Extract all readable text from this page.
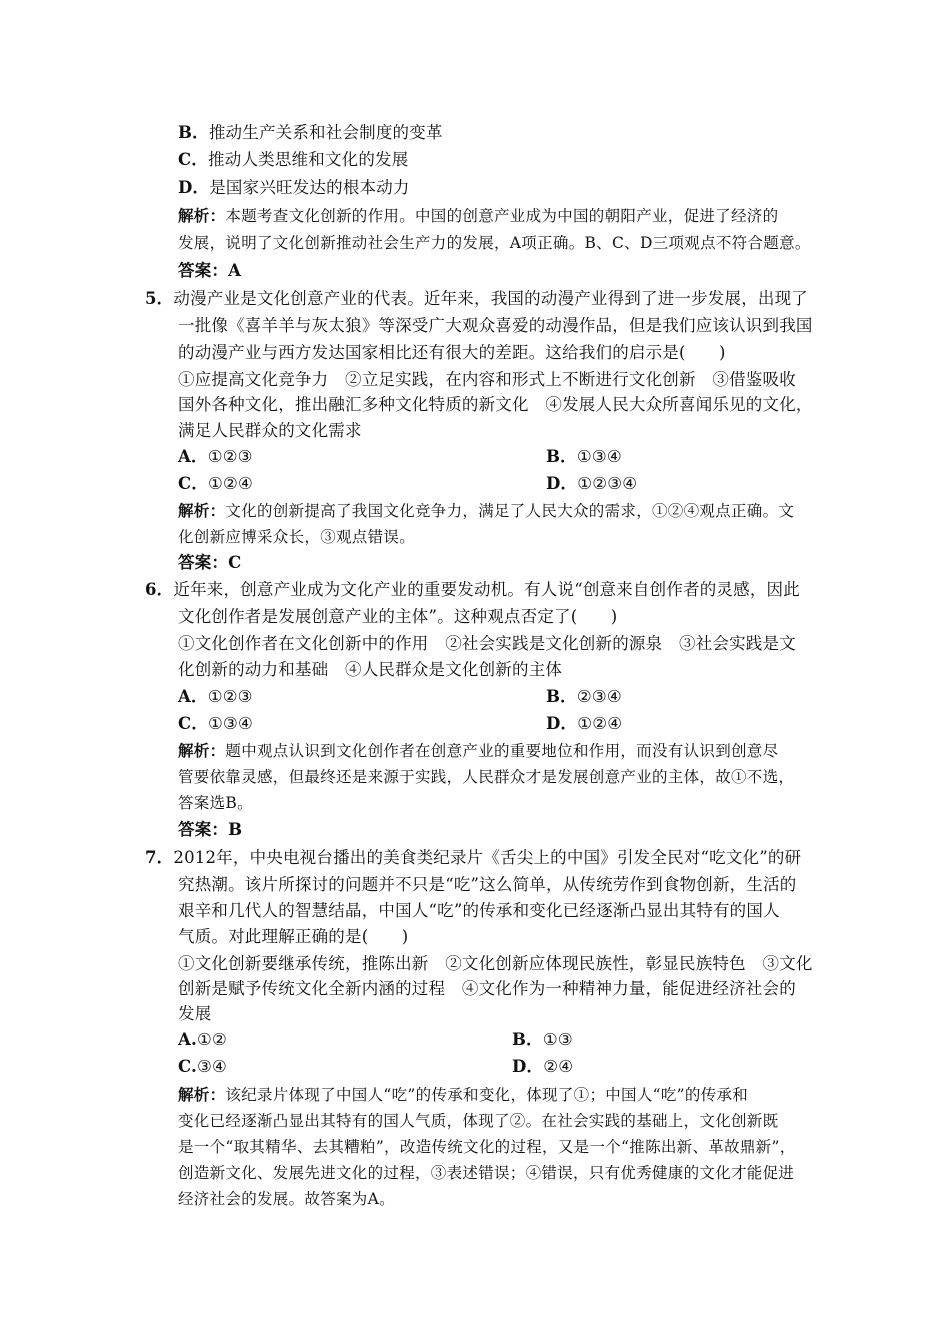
B．推动生产关系和社会制度的变革
C．推动人类思维和文化的发展
D．是国家兴旺发达的根本动力
解析：本题考查文化创新的作用。中国的创意产业成为中国的朝阳产业，促进了经济的
发展，说明了文化创新推动社会生产力的发展，A项正确。B、C、D三项观点不符合题意。
答案：A
5．动漫产业是文化创意产业的代表。近年来，我国的动漫产业得到了进一步发展，出现了
一批像《喜羊羊与灰太狼》等深受广大观众喜爱的动漫作品，但是我们应该认识到我国
的动漫产业与西方发达国家相比还有很大的差距。这给我们的启示是(　　)
①应提高文化竞争力　②立足实践，在内容和形式上不断进行文化创新　③借鉴吸收
国外各种文化，推出融汇多种文化特质的新文化　④发展人民大众所喜闻乐见的文化，
满足人民群众的文化需求
A．①②③	B．①③④
C．①②④	D．①②③④
解析：文化的创新提高了我国文化竞争力，满足了人民大众的需求，①②④观点正确。文
化创新应博采众长，③观点错误。
答案：C
6．近年来，创意产业成为文化产业的重要发动机。有人说“创意来自创作者的灵感，因此
文化创作者是发展创意产业的主体”。这种观点否定了(　　)
①文化创作者在文化创新中的作用　②社会实践是文化创新的源泉　③社会实践是文
化创新的动力和基础　④人民群众是文化创新的主体
A．①②③	B．②③④
C．①③④	D．①②④
解析：题中观点认识到文化创作者在创意产业的重要地位和作用，而没有认识到创意尽
管要依靠灵感，但最终还是来源于实践，人民群众才是发展创意产业的主体，故①不选，
答案选B。
答案：B
7．2012年，中央电视台播出的美食类纪录片《舌尖上的中国》引发全民对“吃文化”的研
究热潮。该片所探讨的问题并不只是“吃”这么简单，从传统劳作到食物创新，生活的
艰辛和几代人的智慧结晶，中国人“吃”的传承和变化已经逐渐凸显出其特有的国人
气质。对此理解正确的是(　　)
①文化创新要继承传统，推陈出新　②文化创新应体现民族性，彰显民族特色　③文化
创新是赋予传统文化全新内涵的过程　④文化作为一种精神力量，能促进经济社会的
发展
A.①②	B．①③
C.③④	D．②④
解析：该纪录片体现了中国人“吃”的传承和变化，体现了①；中国人“吃”的传承和
变化已经逐渐凸显出其特有的国人气质，体现了②。在社会实践的基础上，文化创新既
是一个“取其精华、去其糟粕”，改造传统文化的过程，又是一个“推陈出新、革故鼎新”，
创造新文化、发展先进文化的过程，③表述错误；④错误，只有优秀健康的文化才能促进
经济社会的发展。故答案为A。
